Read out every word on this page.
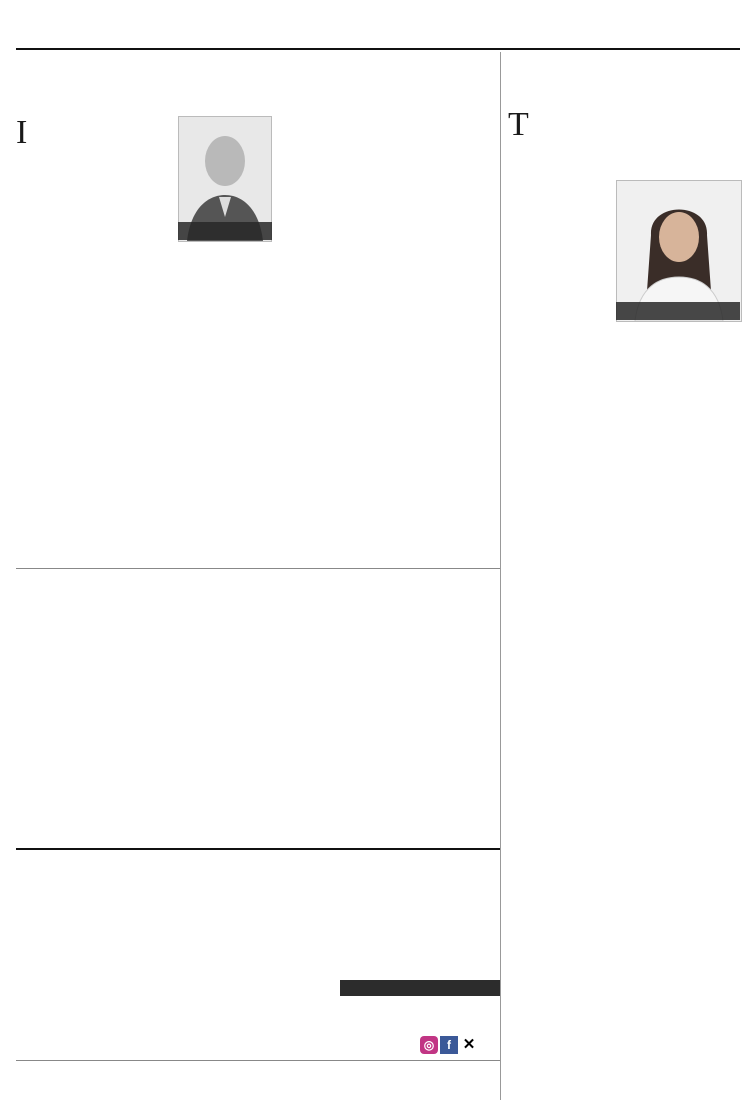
I	T

◎ f ✕
